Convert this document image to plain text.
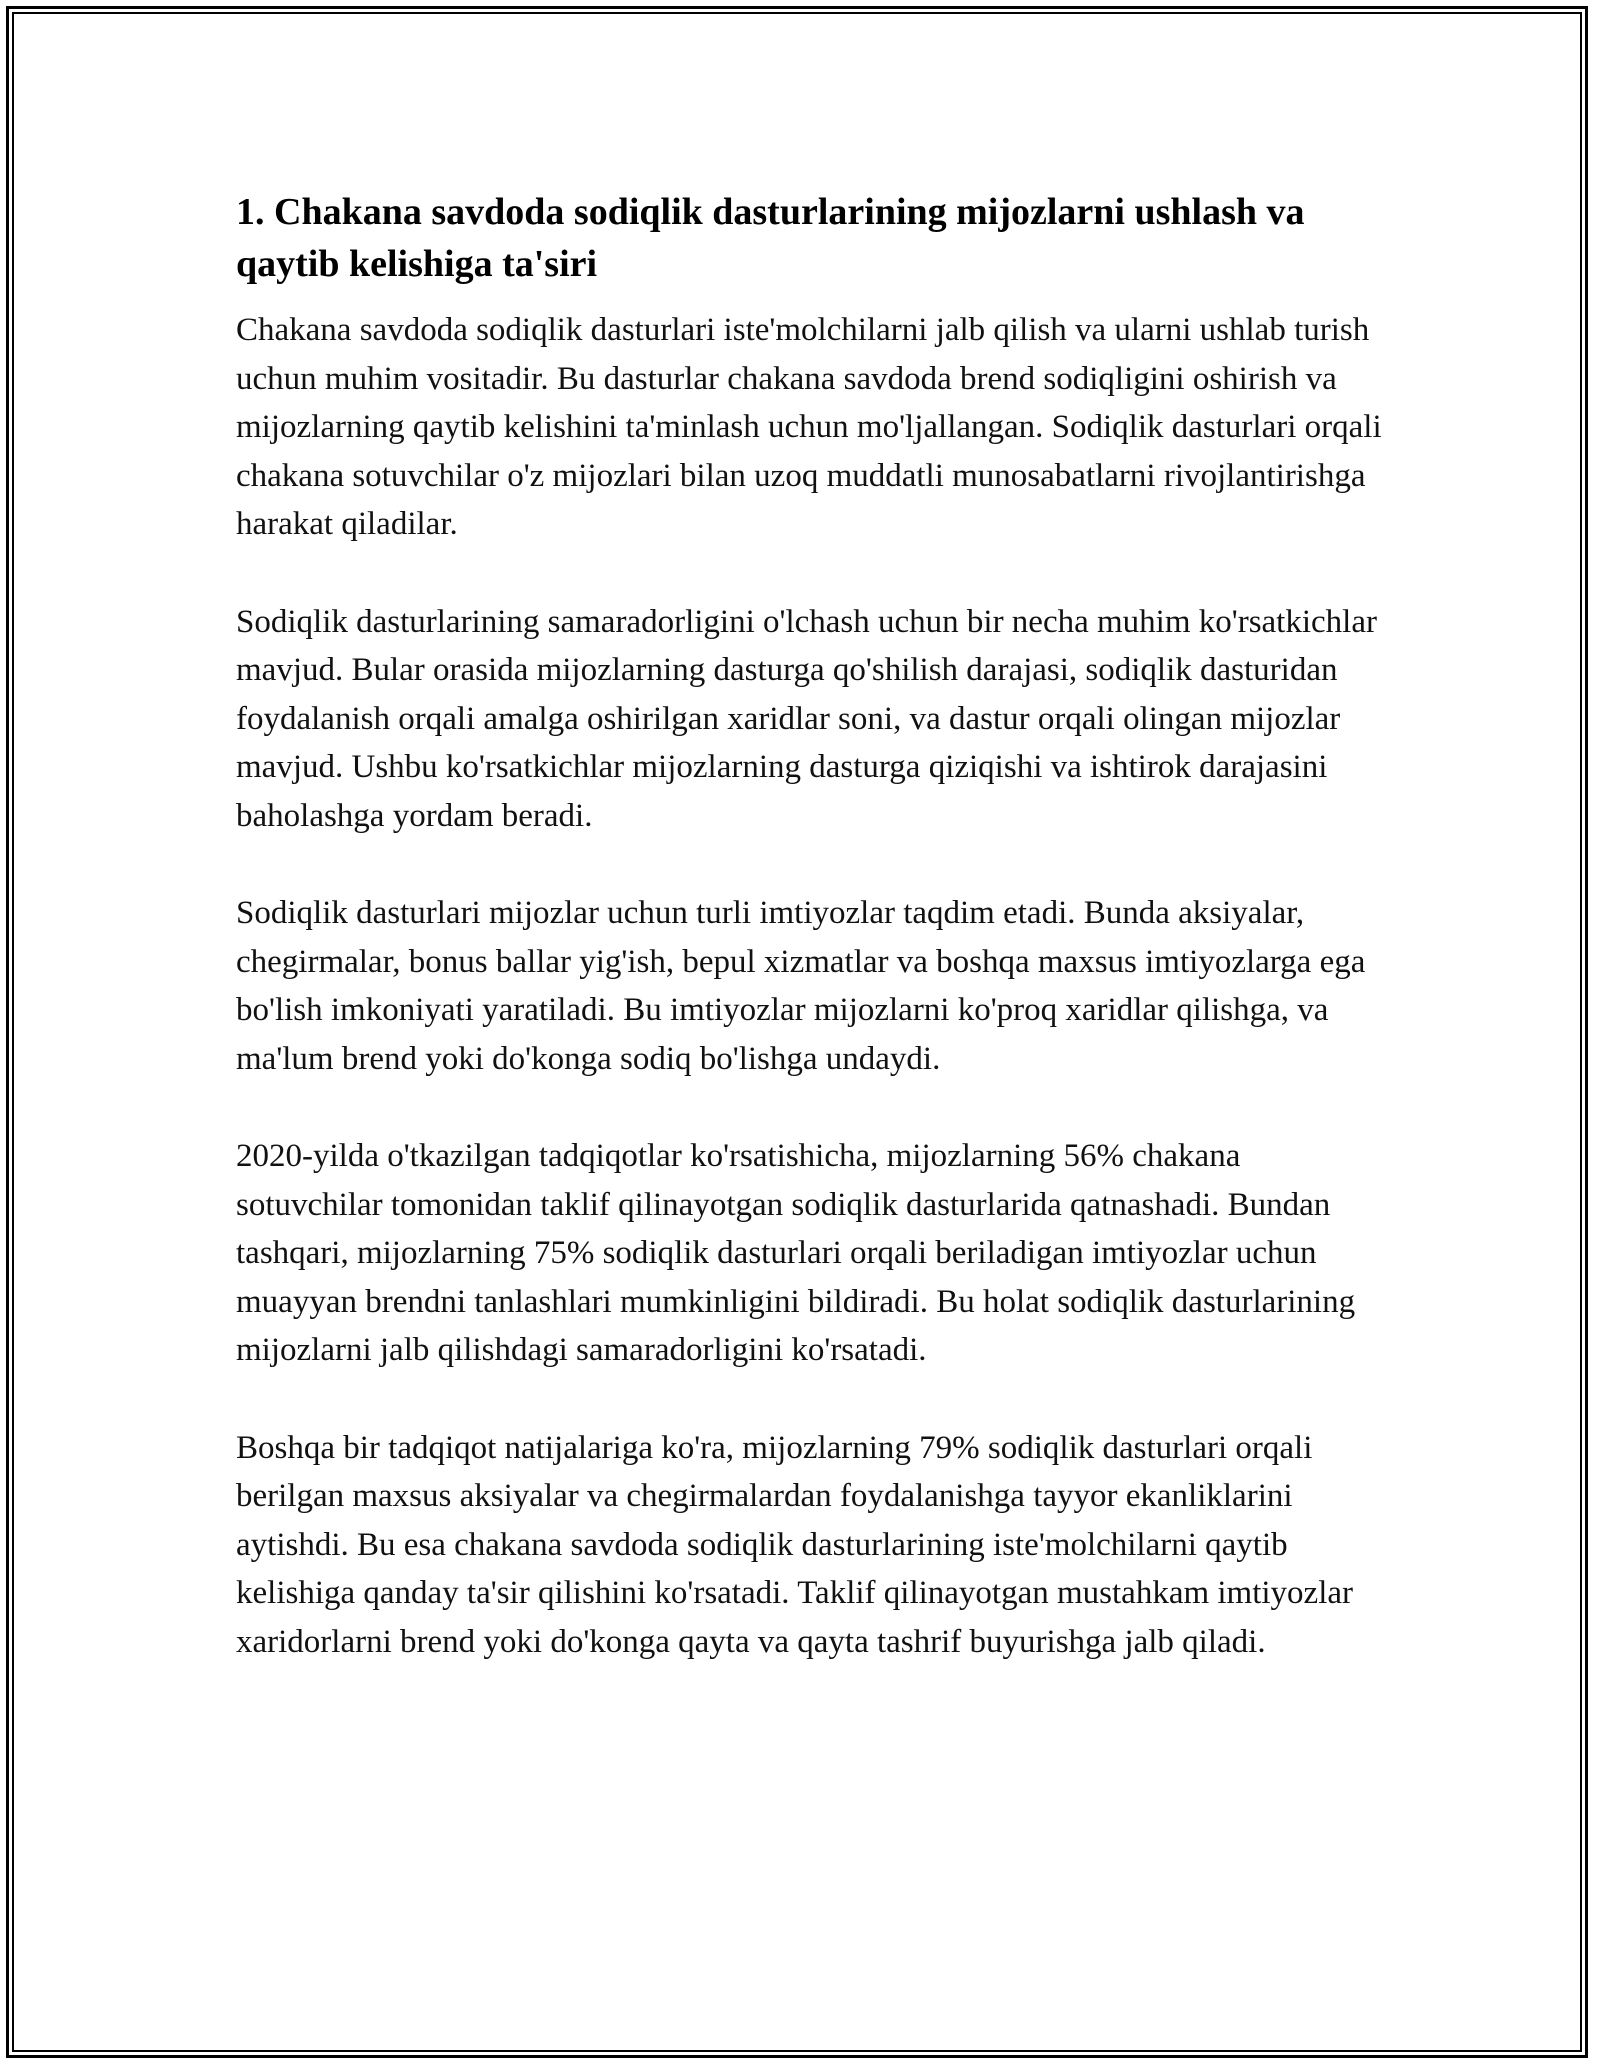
1. Chakana savdoda sodiqlik dasturlarining mijozlarni ushlash va qaytib kelishiga ta'siri

Chakana savdoda sodiqlik dasturlari iste'molchilarni jalb qilish va ularni ushlab turish uchun muhim vositadir. Bu dasturlar chakana savdoda brend sodiqligini oshirish va mijozlarning qaytib kelishini ta'minlash uchun mo'ljallangan. Sodiqlik dasturlari orqali chakana sotuvchilar o'z mijozlari bilan uzoq muddatli munosabatlarni rivojlantirishga harakat qiladilar.

Sodiqlik dasturlarining samaradorligini o'lchash uchun bir necha muhim ko'rsatkichlar mavjud. Bular orasida mijozlarning dasturga qo'shilish darajasi, sodiqlik dasturidan foydalanish orqali amalga oshirilgan xaridlar soni, va dastur orqali olingan mijozlar mavjud. Ushbu ko'rsatkichlar mijozlarning dasturga qiziqishi va ishtirok darajasini baholashga yordam beradi.

Sodiqlik dasturlari mijozlar uchun turli imtiyozlar taqdim etadi. Bunda aksiyalar, chegirmalar, bonus ballar yig'ish, bepul xizmatlar va boshqa maxsus imtiyozlarga ega bo'lish imkoniyati yaratiladi. Bu imtiyozlar mijozlarni ko'proq xaridlar qilishga, va ma'lum brend yoki do'konga sodiq bo'lishga undaydi.

2020-yilda o'tkazilgan tadqiqotlar ko'rsatishicha, mijozlarning 56% chakana sotuvchilar tomonidan taklif qilinayotgan sodiqlik dasturlarida qatnashadi. Bundan tashqari, mijozlarning 75% sodiqlik dasturlari orqali beriladigan imtiyozlar uchun muayyan brendni tanlashlari mumkinligini bildiradi. Bu holat sodiqlik dasturlarining mijozlarni jalb qilishdagi samaradorligini ko'rsatadi.

Boshqa bir tadqiqot natijalariga ko'ra, mijozlarning 79% sodiqlik dasturlari orqali berilgan maxsus aksiyalar va chegirmalardan foydalanishga tayyor ekanliklarini aytishdi. Bu esa chakana savdoda sodiqlik dasturlarining iste'molchilarni qaytib kelishiga qanday ta'sir qilishini ko'rsatadi. Taklif qilinayotgan mustahkam imtiyozlar xaridorlarni brend yoki do'konga qayta va qayta tashrif buyurishga jalb qiladi.
